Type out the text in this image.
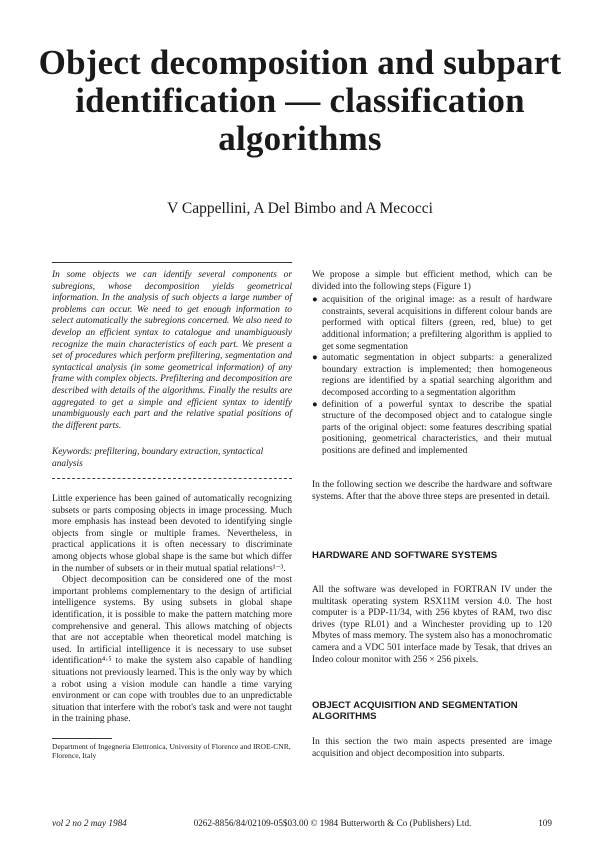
Object decomposition and subpart identification — classification algorithms

V Cappellini, A Del Bimbo and A Mecocci

In some objects we can identify several components or subregions, whose decomposition yields geometrical information. In the analysis of such objects a large number of problems can occur. We need to get enough information to select automatically the subregions concerned. We also need to develop an efficient syntax to catalogue and unambiguously recognize the main characteristics of each part. We present a set of procedures which perform prefiltering, segmentation and syntactical analysis (in some geometrical information) of any frame with complex objects. Prefiltering and decomposition are described with details of the algorithms. Finally the results are aggregated to get a simple and efficient syntax to identify unambiguously each part and the relative spatial positions of the different parts.

Keywords: prefiltering, boundary extraction, syntactical analysis

Little experience has been gained of automatically recognizing subsets or parts composing objects in image processing. Much more emphasis has instead been devoted to identifying single objects from single or multiple frames. Nevertheless, in practical applications it is often necessary to discriminate among objects whose global shape is the same but which differ in the number of subsets or in their mutual spatial relations¹⁻³.

Object decomposition can be considered one of the most important problems complementary to the design of artificial intelligence systems. By using subsets in global shape identification, it is possible to make the pattern matching more comprehensive and general. This allows matching of objects that are not acceptable when theoretical model matching is used. In artificial intelligence it is necessary to use subset identification⁴·⁵ to make the system also capable of handling situations not previously learned. This is the only way by which a robot using a vision module can handle a time varying environment or can cope with troubles due to an unpredictable situation that interfere with the robot's task and were not taught in the training phase.

Department of Ingegneria Elettronica, University of Florence and IROE-CNR, Florence, Italy

We propose a simple but efficient method, which can be divided into the following steps (Figure 1)

● acquisition of the original image: as a result of hardware constraints, several acquisitions in different colour bands are performed with optical filters (green, red, blue) to get additional information; a prefiltering algorithm is applied to get some segmentation
● automatic segmentation in object subparts: a generalized boundary extraction is implemented; then homogeneous regions are identified by a spatial searching algorithm and decomposed according to a segmentation algorithm
● definition of a powerful syntax to describe the spatial structure of the decomposed object and to catalogue single parts of the original object: some features describing spatial positioning, geometrical characteristics, and their mutual positions are defined and implemented

In the following section we describe the hardware and software systems. After that the above three steps are presented in detail.

HARDWARE AND SOFTWARE SYSTEMS

All the software was developed in FORTRAN IV under the multitask operating system RSX11M version 4.0. The host computer is a PDP-11/34, with 256 kbytes of RAM, two disc drives (type RL01) and a Winchester providing up to 120 Mbytes of mass memory. The system also has a monochromatic camera and a VDC 501 interface made by Tesak, that drives an Indeo colour monitor with 256 × 256 pixels.

OBJECT ACQUISITION AND SEGMENTATION ALGORITHMS

In this section the two main aspects presented are image acquisition and object decomposition into subparts.

vol 2 no 2 may 1984	0262-8856/84/02109-05$03.00 © 1984 Butterworth & Co (Publishers) Ltd.	109
